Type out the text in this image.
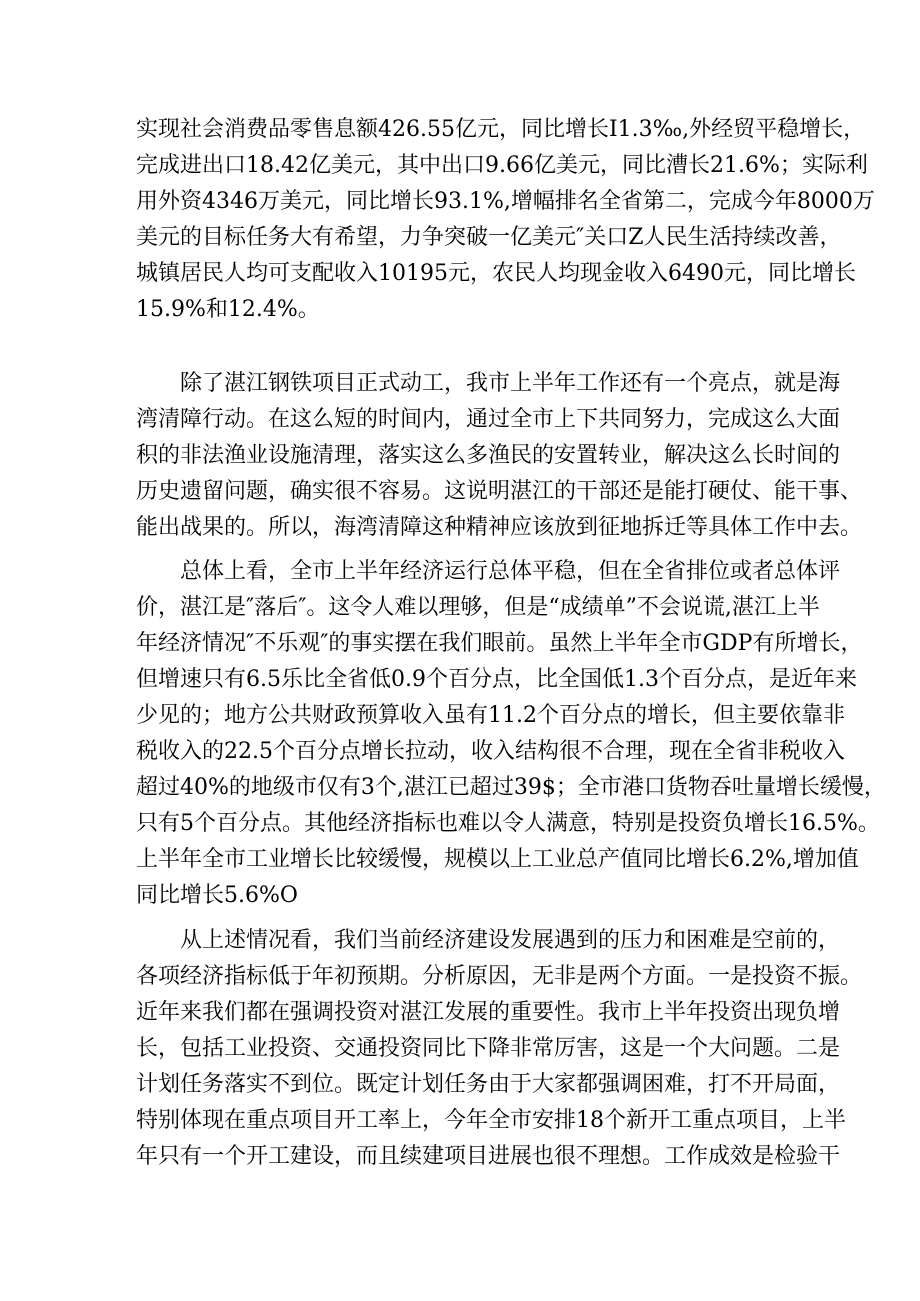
实现社会消费品零售息额426.55亿元，同比增长I1.3‰,外经贸平稳增长，
完成进出口18.42亿美元，其中出口9.66亿美元，同比漕长21.6%；实际利
用外资4346万美元，同比增长93.1%,增幅排名全省第二，完成今年8000万
美元的目标任务大有希望，力争突破一亿美元″关口Z人民生活持续改善，
城镇居民人均可支配收入10195元，农民人均现金收入6490元，同比增长
15.9%和12.4%。

除了湛江钢铁项目正式动工，我市上半年工作还有一个亮点，就是海
湾清障行动。在这么短的时间内，通过全市上下共同努力，完成这么大面
积的非法渔业设施清理，落实这么多渔民的安置转业，解决这么长时间的
历史遗留问题，确实很不容易。这说明湛江的干部还是能打硬仗、能干事、
能出战果的。所以，海湾清障这种精神应该放到征地拆迁等具体工作中去。

总体上看，全市上半年经济运行总体平稳，但在全省排位或者总体评
价，湛江是″落后″。这令人难以理够，但是“成绩单”不会说谎,湛江上半
年经济情况″不乐观″的事实摆在我们眼前。虽然上半年全市GDP有所增长，
但增速只有6.5乐比全省低0.9个百分点，比全国低1.3个百分点，是近年来
少见的；地方公共财政预算收入虽有11.2个百分点的增长，但主要依靠非
税收入的22.5个百分点增长拉动，收入结构很不合理，现在全省非税收入
超过40%的地级市仅有3个,湛江已超过39$；全市港口货物吞吐量增长缓慢，
只有5个百分点。其他经济指标也难以令人满意，特别是投资负增长16.5%。
上半年全市工业增长比较缓慢，规模以上工业总产值同比增长6.2%,增加值
同比增长5.6%O

从上述情况看，我们当前经济建设发展遇到的压力和困难是空前的，
各项经济指标低于年初预期。分析原因，无非是两个方面。一是投资不振。
近年来我们都在强调投资对湛江发展的重要性。我市上半年投资出现负增
长，包括工业投资、交通投资同比下降非常厉害，这是一个大问题。二是
计划任务落实不到位。既定计划任务由于大家都强调困难，打不开局面，
特别体现在重点项目开工率上，今年全市安排18个新开工重点项目，上半
年只有一个开工建设，而且续建项目进展也很不理想。工作成效是检验干
